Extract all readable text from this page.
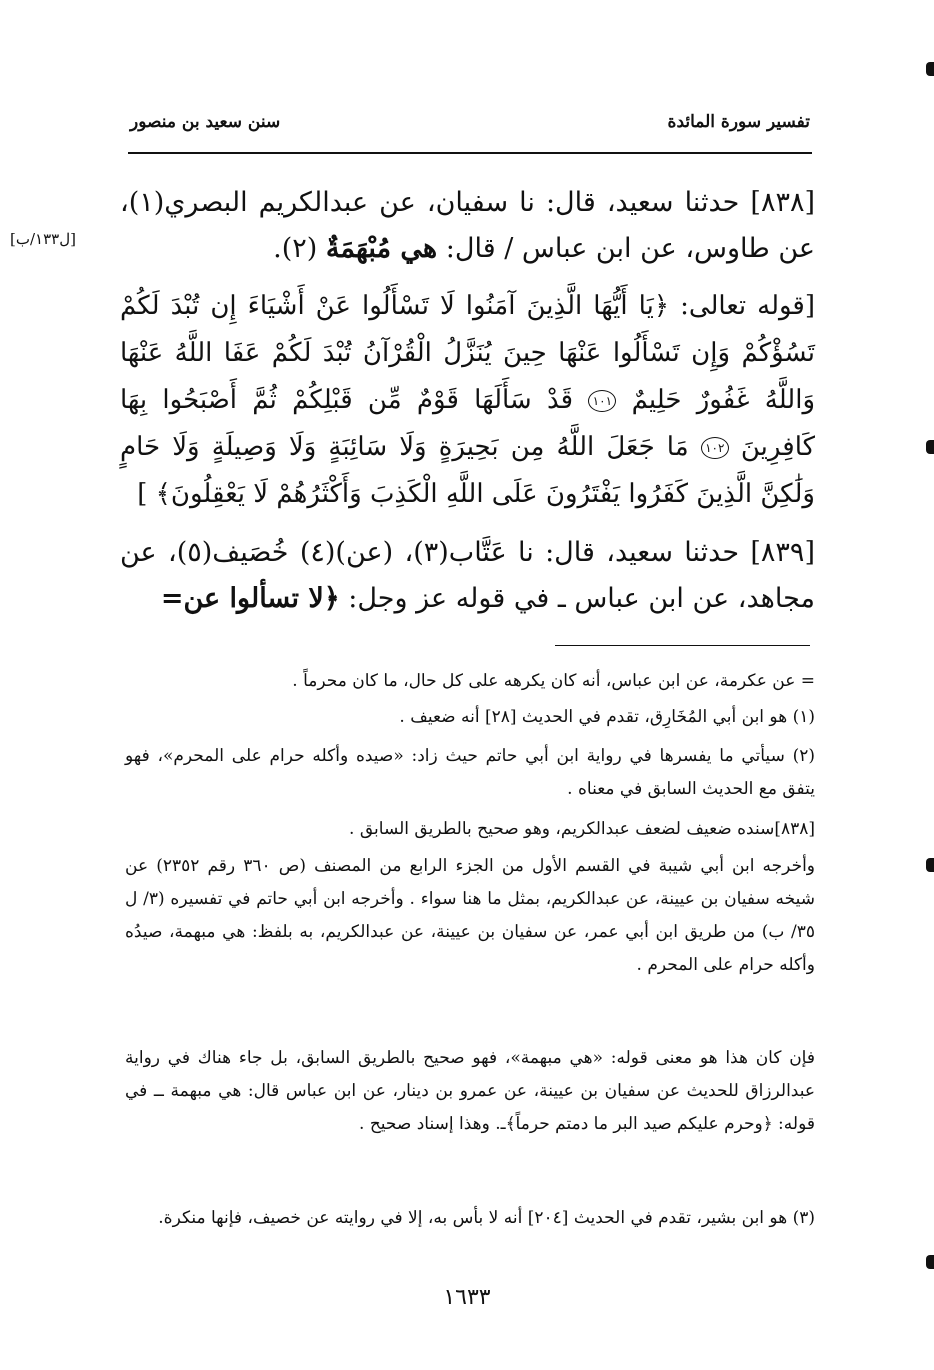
تفسير سورة المائدة
سنن سعيد بن منصور
[٨٣٨] حدثنا سعيد، قال: نا سفيان، عن عبدالكريم البصري(١)، عن طاوس، عن ابن عباس / قال: هي مُبْهَمَةٌ (٢).
[ل١٣٣/ب]
[قوله تعالى: ﴿يَا أَيُّهَا الَّذِينَ آمَنُوا لَا تَسْأَلُوا عَنْ أَشْيَاءَ إِن تُبْدَ لَكُمْ تَسُؤْكُمْ وَإِن تَسْأَلُوا عَنْهَا حِينَ يُنَزَّلُ الْقُرْآنُ تُبْدَ لَكُمْ عَفَا اللَّهُ عَنْهَا وَاللَّهُ غَفُورٌ حَلِيمٌ ١٠١ قَدْ سَأَلَهَا قَوْمٌ مِّن قَبْلِكُمْ ثُمَّ أَصْبَحُوا بِهَا كَافِرِينَ ١٠٢ مَا جَعَلَ اللَّهُ مِن بَحِيرَةٍ وَلَا سَائِبَةٍ وَلَا وَصِيلَةٍ وَلَا حَامٍ وَلَٰكِنَّ الَّذِينَ كَفَرُوا يَفْتَرُونَ عَلَى اللَّهِ الْكَذِبَ وَأَكْثَرُهُمْ لَا يَعْقِلُونَ﴾ ]
[٨٣٩] حدثنا سعيد، قال: نا عَتَّاب(٣)، (عن)(٤) خُصَيف(٥)، عن مجاهد، عن ابن عباس ـ في قوله عز وجل: ﴿لا تسألوا عن=
= عن عكرمة، عن ابن عباس، أنه كان يكرهه على كل حال، ما كان محرماً .
(١) هو ابن أبي المُخَارِق، تقدم في الحديث [٢٨] أنه ضعيف .
(٢) سيأتي ما يفسرها في رواية ابن أبي حاتم حيث زاد: «صيده وأكله حرام على المحرم»، فهو يتفق مع الحديث السابق في معناه .
[٨٣٨]سنده ضعيف لضعف عبدالكريم، وهو صحيح بالطريق السابق .
وأخرجه ابن أبي شيبة في القسم الأول من الجزء الرابع من المصنف (ص ٣٦٠ رقم ٢٣٥٢) عن شيخه سفيان بن عيينة، عن عبدالكريم، بمثل ما هنا سواء . وأخرجه ابن أبي حاتم في تفسيره (٣/ ل ٣٥/ ب) من طريق ابن أبي عمر، عن سفيان بن عيينة، عن عبدالكريم، به بلفظ: هي مبهمة، صيدُه وأكله حرام على المحرم .
فإن كان هذا هو معنى قوله: «هي مبهمة»، فهو صحيح بالطريق السابق، بل جاء هناك في رواية عبدالرزاق للحديث عن سفيان بن عيينة، عن عمرو بن دينار، عن ابن عباس قال: هي مبهمة ــ في قوله: ﴿وحرم عليكم صيد البر ما دمتم حرماً﴾ـ. وهذا إسناد صحيح .
(٣) هو ابن بشير، تقدم في الحديث [٢٠٤] أنه لا بأس به، إلا في روايته عن خصيف، فإنها منكرة.
١٦٣٣
